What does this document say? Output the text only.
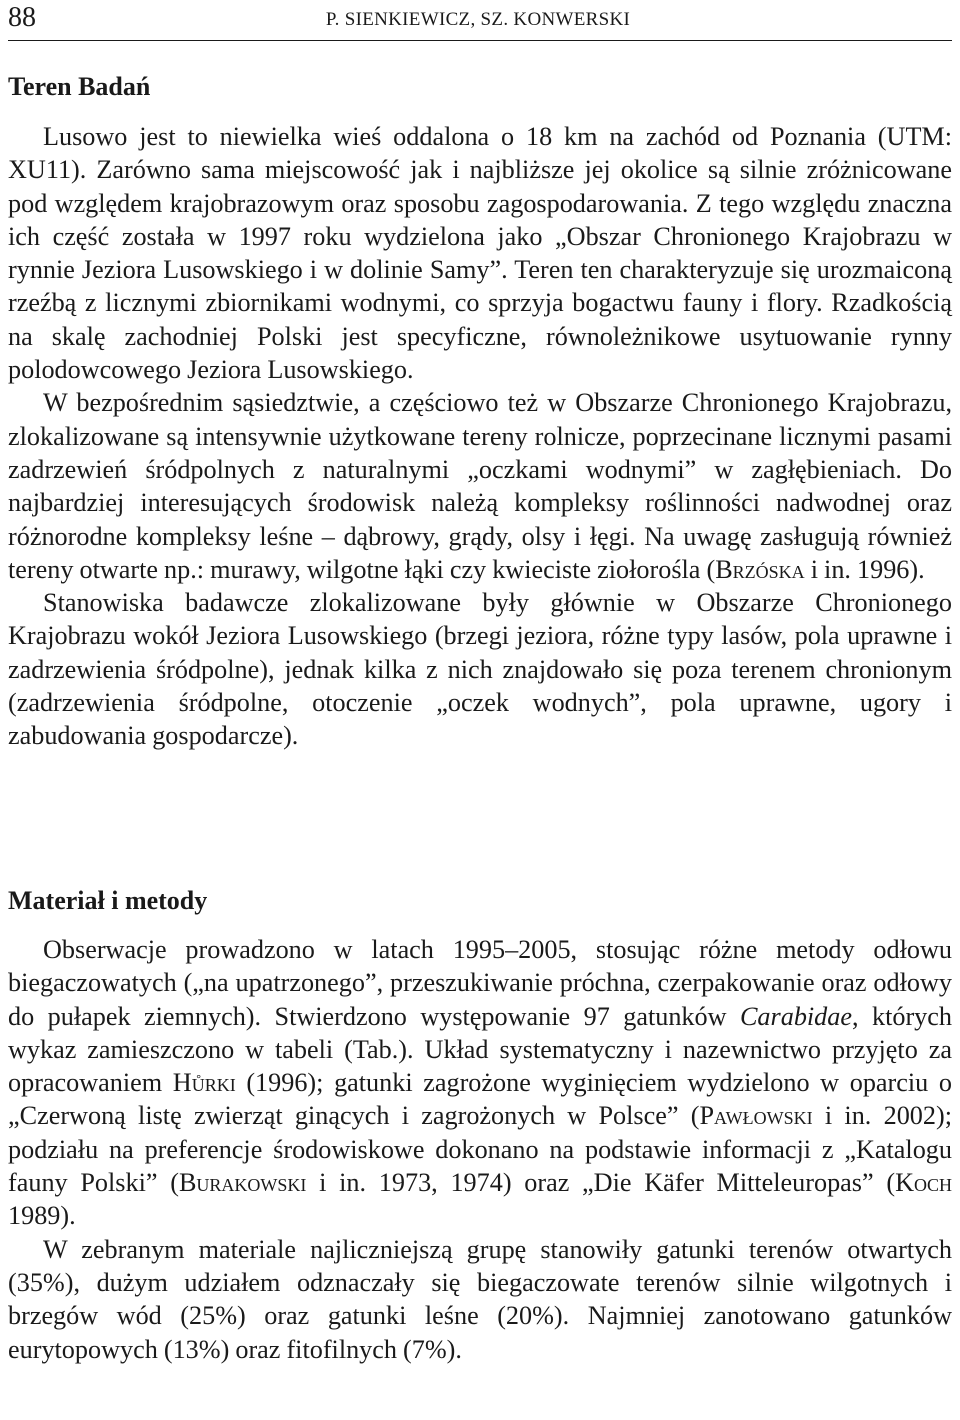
88	P. SIENKIEWICZ, SZ. KONWERSKI
Teren Badań

Lusowo jest to niewielka wieś oddalona o 18 km na zachód od Poznania (UTM: XU11). Zarówno sama miejscowość jak i najbliższe jej okolice są silnie zróżnicowane pod względem krajobrazowym oraz sposobu zagospodarowania. Z tego względu znaczna ich część została w 1997 roku wydzielona jako „Obszar Chronionego Krajobrazu w rynnie Jeziora Lusowskiego i w dolinie Samy”. Teren ten charakteryzuje się urozmaiconą rzeźbą z licznymi zbiornikami wodnymi, co sprzyja bogactwu fauny i flory. Rzadkością na skalę zachodniej Polski jest specyficzne, równoleżnikowe usytuowanie rynny polodowcowego Jeziora Lusowskiego.

W bezpośrednim sąsiedztwie, a częściowo też w Obszarze Chronionego Krajobrazu, zlokalizowane są intensywnie użytkowane tereny rolnicze, poprzecinane licznymi pasami zadrzewień śródpolnych z naturalnymi „oczkami wodnymi” w zagłębieniach. Do najbardziej interesujących środowisk należą kompleksy roślinności nadwodnej oraz różnorodne kompleksy leśne – dąbrowy, grądy, olsy i łęgi. Na uwagę zasługują również tereny otwarte np.: murawy, wilgotne łąki czy kwieciste ziołorośla (Brzóska i in. 1996).

Stanowiska badawcze zlokalizowane były głównie w Obszarze Chronionego Krajobrazu wokół Jeziora Lusowskiego (brzegi jeziora, różne typy lasów, pola uprawne i zadrzewienia śródpolne), jednak kilka z nich znajdowało się poza terenem chronionym (zadrzewienia śródpolne, otoczenie „oczek wodnych”, pola uprawne, ugory i zabudowania gospodarcze).

Materiał i metody

Obserwacje prowadzono w latach 1995–2005, stosując różne metody odłowu biegaczowatych („na upatrzonego”, przeszukiwanie próchna, czerpakowanie oraz odłowy do pułapek ziemnych). Stwierdzono występowanie 97 gatunków Carabidae, których wykaz zamieszczono w tabeli (Tab.). Układ systematyczny i nazewnictwo przyjęto za opracowaniem Hůrki (1996); gatunki zagrożone wyginięciem wydzielono w oparciu o „Czerwoną listę zwierząt ginących i zagrożonych w Polsce” (Pawłowski i in. 2002); podziału na preferencje środowiskowe dokonano na podstawie informacji z „Katalogu fauny Polski” (Burakowski i in. 1973, 1974) oraz „Die Käfer Mitteleuropas” (Koch 1989).

W zebranym materiale najliczniejszą grupę stanowiły gatunki terenów otwartych (35%), dużym udziałem odznaczały się biegaczowate terenów silnie wilgotnych i brzegów wód (25%) oraz gatunki leśne (20%). Najmniej zanotowano gatunków eurytopowych (13%) oraz fitofilnych (7%).
